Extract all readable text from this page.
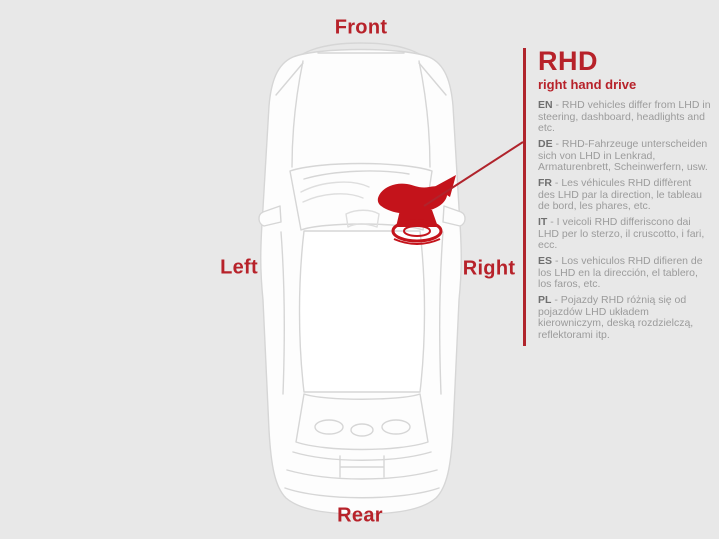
Front
Left	Right
Rear
RHD
right hand drive

EN - RHD vehicles differ from LHD in steering, dashboard, headlights and etc.

DE - RHD-Fahrzeuge unterscheiden sich von LHD in Lenkrad, Armaturenbrett, Scheinwerfern, usw.

FR - Les véhicules RHD diffèrent des LHD par la direction, le tableau de bord, les phares, etc.

IT - I veicoli RHD differiscono dai LHD per lo sterzo, il cruscotto, i fari, ecc.

ES - Los vehiculos RHD difieren de los LHD en la dirección, el tablero, los faros, etc.

PL - Pojazdy RHD różnią się od pojazdów LHD układem kierowniczym, deską rozdzielczą, reflektorami itp.
